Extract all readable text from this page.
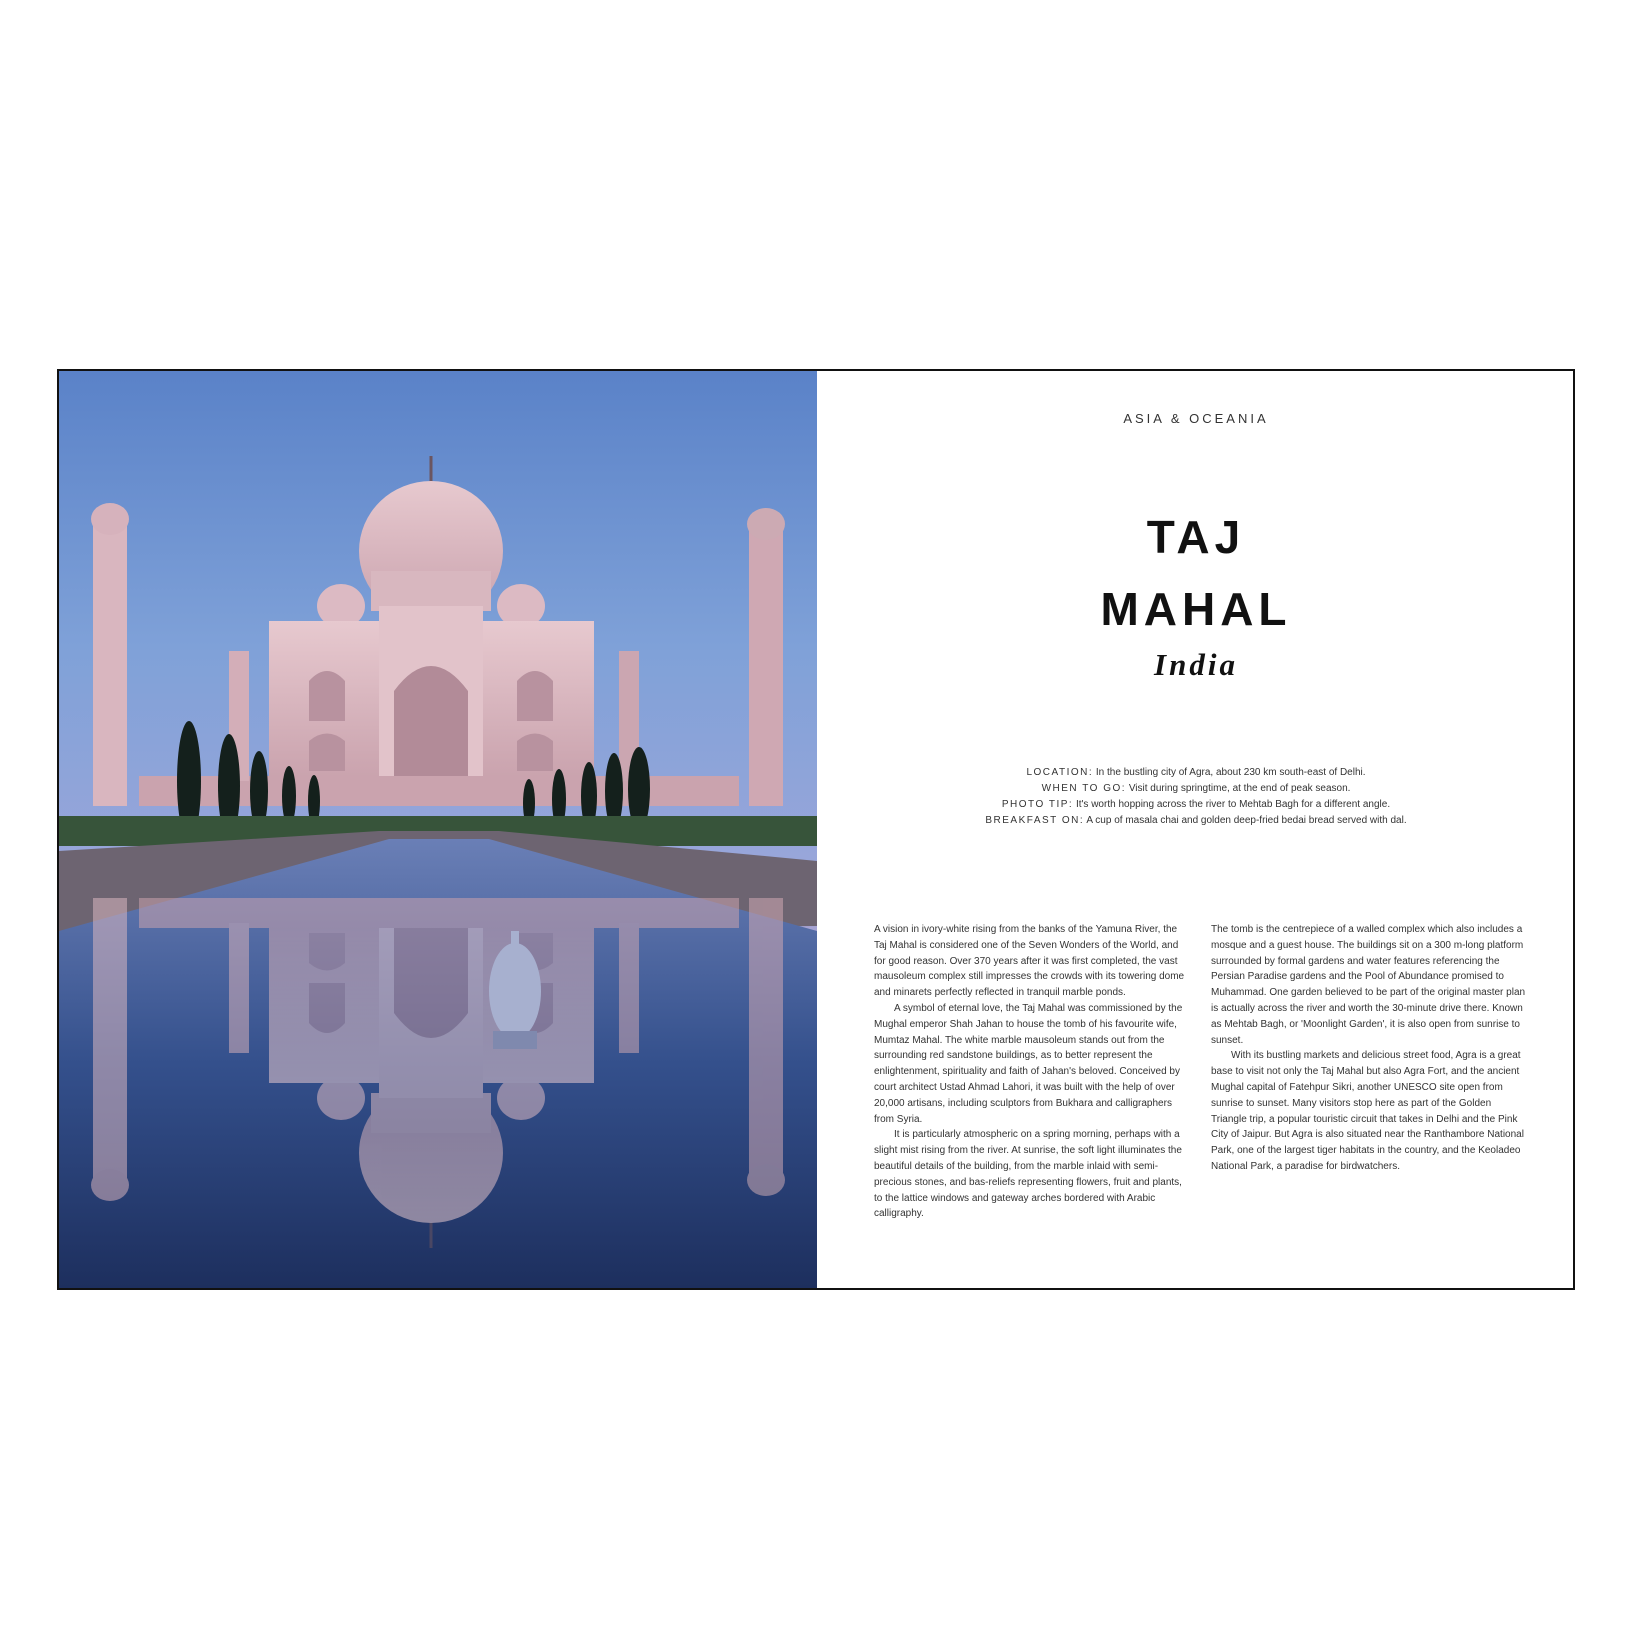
ASIA & OCEANIA
TAJ
MAHAL
India
LOCATION: In the bustling city of Agra, about 230 km south-east of Delhi.
WHEN TO GO: Visit during springtime, at the end of peak season.
PHOTO TIP: It's worth hopping across the river to Mehtab Bagh for a different angle.
BREAKFAST ON: A cup of masala chai and golden deep-fried bedai bread served with dal.

A vision in ivory-white rising from the banks of the Yamuna River, the Taj Mahal is considered one of the Seven Wonders of the World, and for good reason. Over 370 years after it was first completed, the vast mausoleum complex still impresses the crowds with its towering dome and minarets perfectly reflected in tranquil marble ponds.

A symbol of eternal love, the Taj Mahal was commissioned by the Mughal emperor Shah Jahan to house the tomb of his favourite wife, Mumtaz Mahal. The white marble mausoleum stands out from the surrounding red sandstone buildings, as to better represent the enlightenment, spirituality and faith of Jahan's beloved. Conceived by court architect Ustad Ahmad Lahori, it was built with the help of over 20,000 artisans, including sculptors from Bukhara and calligraphers from Syria.

It is particularly atmospheric on a spring morning, perhaps with a slight mist rising from the river. At sunrise, the soft light illuminates the beautiful details of the building, from the marble inlaid with semi-precious stones, and bas-reliefs representing flowers, fruit and plants, to the lattice windows and gateway arches bordered with Arabic calligraphy.

The tomb is the centrepiece of a walled complex which also includes a mosque and a guest house. The buildings sit on a 300 m-long platform surrounded by formal gardens and water features referencing the Persian Paradise gardens and the Pool of Abundance promised to Muhammad. One garden believed to be part of the original master plan is actually across the river and worth the 30-minute drive there. Known as Mehtab Bagh, or 'Moonlight Garden', it is also open from sunrise to sunset.

With its bustling markets and delicious street food, Agra is a great base to visit not only the Taj Mahal but also Agra Fort, and the ancient Mughal capital of Fatehpur Sikri, another UNESCO site open from sunrise to sunset. Many visitors stop here as part of the Golden Triangle trip, a popular touristic circuit that takes in Delhi and the Pink City of Jaipur. But Agra is also situated near the Ranthambore National Park, one of the largest tiger habitats in the country, and the Keoladeo National Park, a paradise for birdwatchers.
